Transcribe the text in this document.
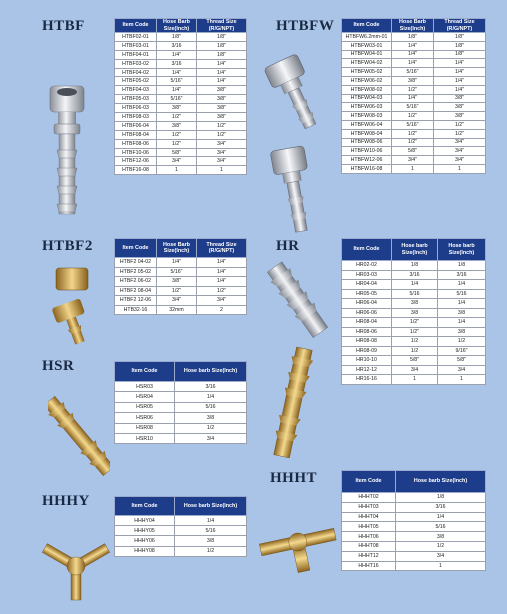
HTBF	HTBFW
HTBF2	HR
HSR
HHHY
HHHT
Item Code	Hose Barb Size(Inch)	Thread Size (R/G/NPT)
HTBF02-01	1/8"	1/8"
HTBF03-01	3/16	1/8"
HTBF04-01	1/4"	1/8"
HTBF03-02	3/16	1/4"
HTBF04-02	1/4"	1/4"
HTBF05-02	5/16"	1/4"
HTBF04-03	1/4"	3/8"
HTBF05-03	5/16"	3/8"
HTBF06-03	3/8"	3/8"
HTBF08-03	1/2"	3/8"
HTBF06-04	3/8"	1/2"
HTBF08-04	1/2"	1/2"
HTBF08-06	1/2"	3/4"
HTBF10-06	5/8"	3/4"
HTBF12-06	3/4"	3/4"
HTBF16-08	1	1
Item Code	Hose Barb Size(Inch)	Thread Size (R/G/NPT)
HTBFW6.2mm-01	1/8"	1/8"
HTBFW03-01	1/4"	1/8"
HTBFW04-01	1/4"	1/8"
HTBFW04-02	1/4"	1/4"
HTBFW05-02	5/16"	1/4"
HTBFW06-02	3/8"	1/4"
HTBFW08-02	1/2"	1/4"
HTBFW04-03	1/4"	3/8"
HTBFW06-03	5/16"	3/8"
HTBFW08-03	1/2"	3/8"
HTBFW06-04	5/16"	1/2"
HTBFW08-04	1/2"	1/2"
HTBFW08-06	1/2"	3/4"
HTBFW10-06	5/8"	3/4"
HTBFW12-06	3/4"	3/4"
HTBFW16-08	1	1
Item Code	Hose Barb Size(Inch)	Thread Size (R/G/NPT)
HTBF2 04-02	1/4"	1/4"
HTBF2 05-02	5/16"	1/4"
HTBF2 06-02	3/8"	1/4"
HTBF2 08-04	1/2"	1/2"
HTBF2 12-06	3/4"	3/4"
HTB32-16	32mm	2
Item Code	Hose barb Size(Inch)	Hose barb Size(Inch)
HR02-02	1/8	1/8
HR03-03	3/16	3/16
HR04-04	1/4	1/4
HR05-05	5/16	5/16
HR06-04	3/8	1/4
HR06-06	3/8	3/8
HR08-04	1/2"	1/4
HR08-06	1/2"	3/8
HR08-08	1/2	1/2
HR08-09	1/2	9/16"
HR10-10	5/8"	5/8"
HR12-12	3/4	3/4
HR16-16	1	1
Item Code	Hose barb Size(Inch)
HSR03	3/16
HSR04	1/4
HSR05	5/16
HSR06	3/8
HSR08	1/2
HSR10	3/4
Item Code	Hose barb Size(Inch)
HHHY04	1/4
HHHY05	5/16
HHHY06	3/8
HHHY08	1/2
Item Code	Hose barb Size(Inch)
HHHT02	1/8
HHHT03	3/16
HHHT04	1/4
HHHT05	5/16
HHHT06	3/8
HHHT08	1/2
HHHT12	3/4
HHHT16	1
